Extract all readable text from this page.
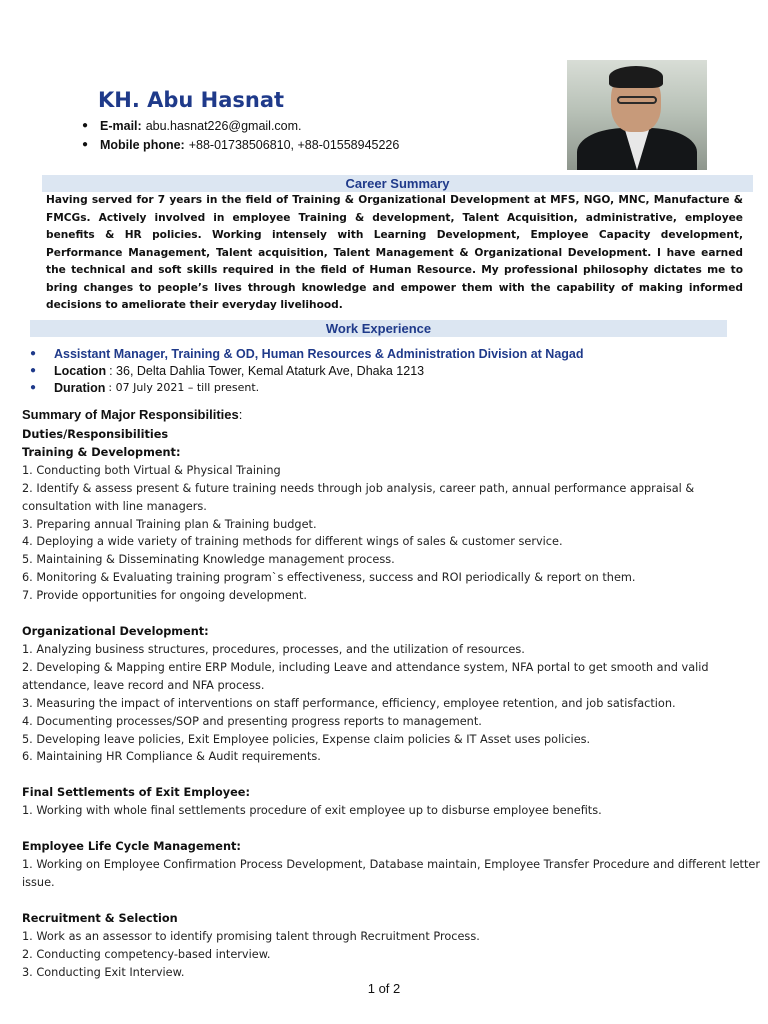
KH. Abu Hasnat
● E-mail: abu.hasnat226@gmail.com.
● Mobile phone: +88-01738506810, +88-01558945226
Career Summary
Having served for 7 years in the field of Training & Organizational Development at MFS, NGO, MNC, Manufacture & FMCGs. Actively involved in employee Training & development, Talent Acquisition, administrative, employee benefits & HR policies. Working intensely with Learning Development, Employee Capacity development, Performance Management, Talent acquisition, Talent Management & Organizational Development. I have earned the technical and soft skills required in the field of Human Resource. My professional philosophy dictates me to bring changes to people’s lives through knowledge and empower them with the capability of making informed decisions to ameliorate their everyday livelihood.
Work Experience
●	Assistant Manager, Training & OD, Human Resources & Administration Division at Nagad
●	Location : 36, Delta Dahlia Tower, Kemal Ataturk Ave, Dhaka 1213
●	Duration : 07 July 2021 – till present.
Summary of Major Responsibilities:
Duties/Responsibilities
Training & Development:
1. Conducting both Virtual & Physical Training
2. Identify & assess present & future training needs through job analysis, career path, annual performance appraisal & consultation with line managers.
3. Preparing annual Training plan & Training budget.
4. Deploying a wide variety of training methods for different wings of sales & customer service.
5. Maintaining & Disseminating Knowledge management process.
6. Monitoring & Evaluating training program`s effectiveness, success and ROI periodically & report on them.
7. Provide opportunities for ongoing development.
Organizational Development:
1. Analyzing business structures, procedures, processes, and the utilization of resources.
2. Developing & Mapping entire ERP Module, including Leave and attendance system, NFA portal to get smooth and valid attendance, leave record and NFA process.
3. Measuring the impact of interventions on staff performance, efficiency, employee retention, and job satisfaction.
4. Documenting processes/SOP and presenting progress reports to management.
5. Developing leave policies, Exit Employee policies, Expense claim policies & IT Asset uses policies.
6. Maintaining HR Compliance & Audit requirements.
Final Settlements of Exit Employee:
1. Working with whole final settlements procedure of exit employee up to disburse employee benefits.
Employee Life Cycle Management:
1. Working on Employee Confirmation Process Development, Database maintain, Employee Transfer Procedure and different letter issue.
Recruitment & Selection
1. Work as an assessor to identify promising talent through Recruitment Process.
2. Conducting competency-based interview.
3. Conducting Exit Interview.
1 of 2
